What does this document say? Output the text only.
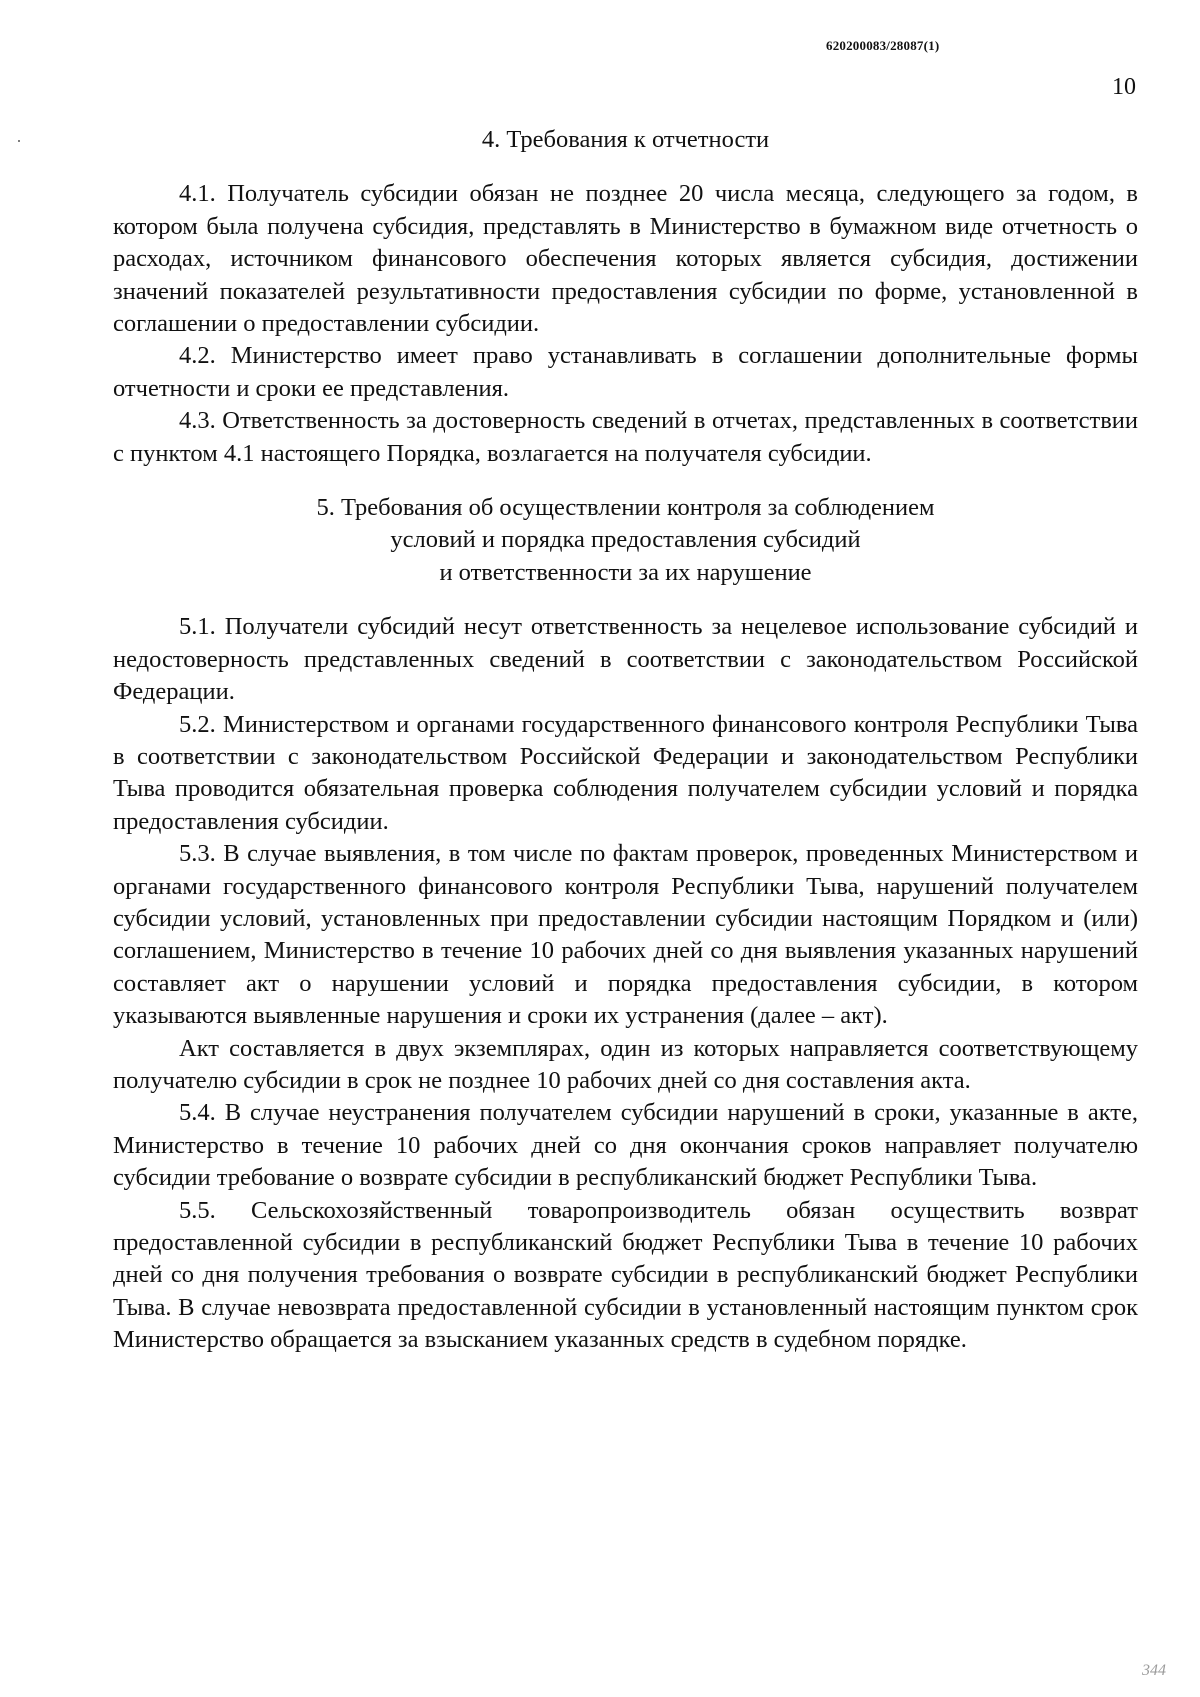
620200083/28087(1)
10
4. Требования к отчетности

4.1. Получатель субсидии обязан не позднее 20 числа месяца, следующего за годом, в котором была получена субсидия, представлять в Министерство в бумажном виде отчетность о расходах, источником финансового обеспечения которых является субсидия, достижении значений показателей результативности предоставления субсидии по форме, установленной в соглашении о предоставлении субсидии.

4.2. Министерство имеет право устанавливать в соглашении дополнительные формы отчетности и сроки ее представления.

4.3. Ответственность за достоверность сведений в отчетах, представленных в соответствии с пунктом 4.1 настоящего Порядка, возлагается на получателя субсидии.

5. Требования об осуществлении контроля за соблюдением
условий и порядка предоставления субсидий
и ответственности за их нарушение

5.1. Получатели субсидий несут ответственность за нецелевое использование субсидий и недостоверность представленных сведений в соответствии с законодательством Российской Федерации.

5.2. Министерством и органами государственного финансового контроля Республики Тыва в соответствии с законодательством Российской Федерации и законодательством Республики Тыва проводится обязательная проверка соблюдения получателем субсидии условий и порядка предоставления субсидии.

5.3. В случае выявления, в том числе по фактам проверок, проведенных Министерством и органами государственного финансового контроля Республики Тыва, нарушений получателем субсидии условий, установленных при предоставлении субсидии настоящим Порядком и (или) соглашением, Министерство в течение 10 рабочих дней со дня выявления указанных нарушений составляет акт о нарушении условий и порядка предоставления субсидии, в котором указываются выявленные нарушения и сроки их устранения (далее – акт).

Акт составляется в двух экземплярах, один из которых направляется соответствующему получателю субсидии в срок не позднее 10 рабочих дней со дня составления акта.

5.4. В случае неустранения получателем субсидии нарушений в сроки, указанные в акте, Министерство в течение 10 рабочих дней со дня окончания сроков направляет получателю субсидии требование о возврате субсидии в республиканский бюджет Республики Тыва.

5.5. Сельскохозяйственный товаропроизводитель обязан осуществить возврат предоставленной субсидии в республиканский бюджет Республики Тыва в течение 10 рабочих дней со дня получения требования о возврате субсидии в республиканский бюджет Республики Тыва. В случае невозврата предоставленной субсидии в установленный настоящим пунктом срок Министерство обращается за взысканием указанных средств в судебном порядке.

344
